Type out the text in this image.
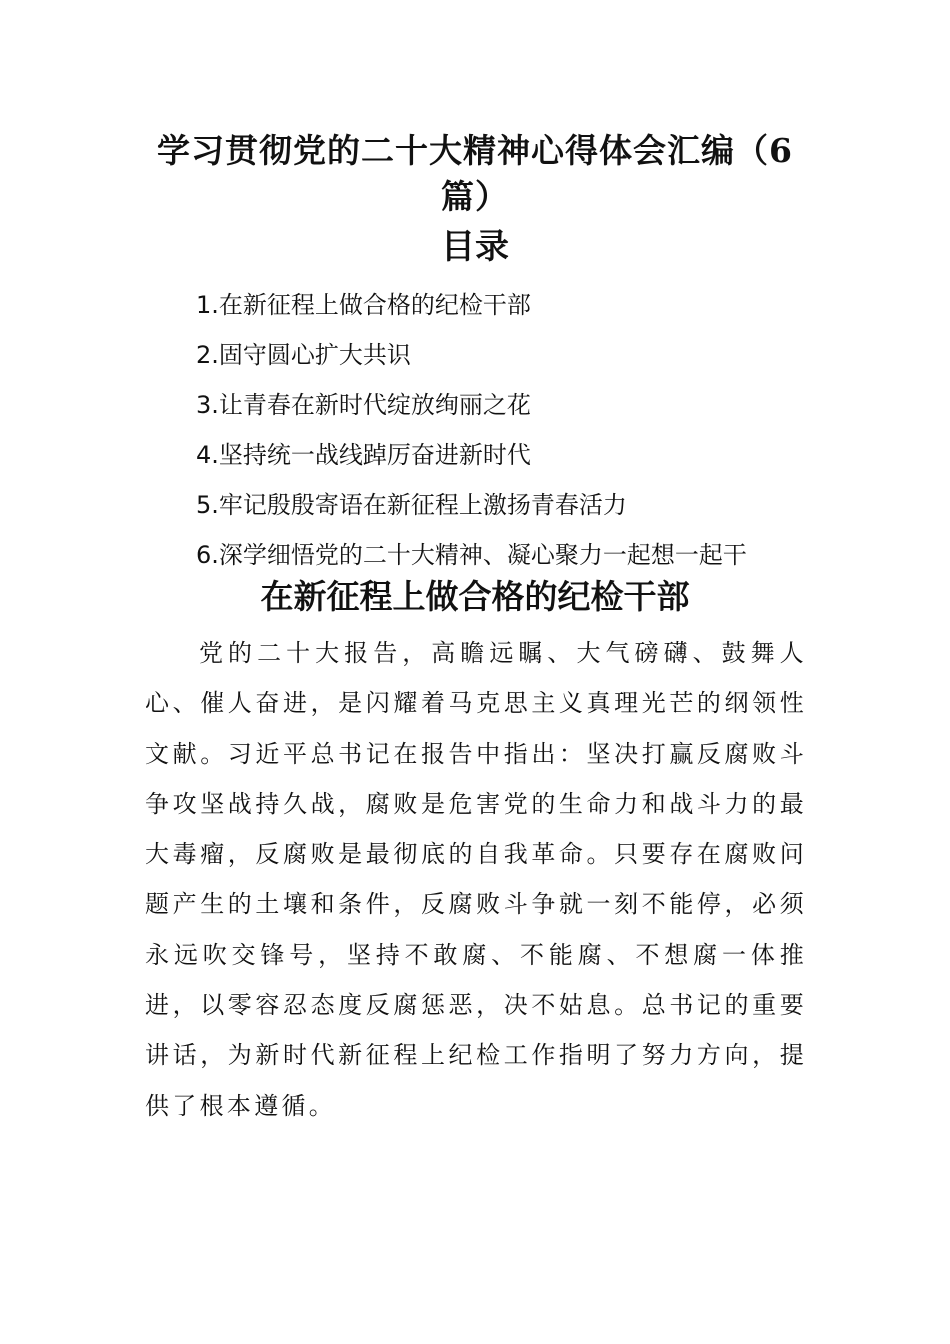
学习贯彻党的二十大精神心得体会汇编（6篇）
目录
1.在新征程上做合格的纪检干部
2.固守圆心扩大共识
3.让青春在新时代绽放绚丽之花
4.坚持统一战线踔厉奋进新时代
5.牢记殷殷寄语在新征程上激扬青春活力
6.深学细悟党的二十大精神、凝心聚力一起想一起干
在新征程上做合格的纪检干部

党的二十大报告，高瞻远瞩、大气磅礴、鼓舞人心、催人奋进，是闪耀着马克思主义真理光芒的纲领性文献。习近平总书记在报告中指出：坚决打赢反腐败斗争攻坚战持久战，腐败是危害党的生命力和战斗力的最大毒瘤，反腐败是最彻底的自我革命。只要存在腐败问题产生的土壤和条件，反腐败斗争就一刻不能停，必须永远吹交锋号，坚持不敢腐、不能腐、不想腐一体推进，以零容忍态度反腐惩恶，决不姑息。总书记的重要讲话，为新时代新征程上纪检工作指明了努力方向，提供了根本遵循。
